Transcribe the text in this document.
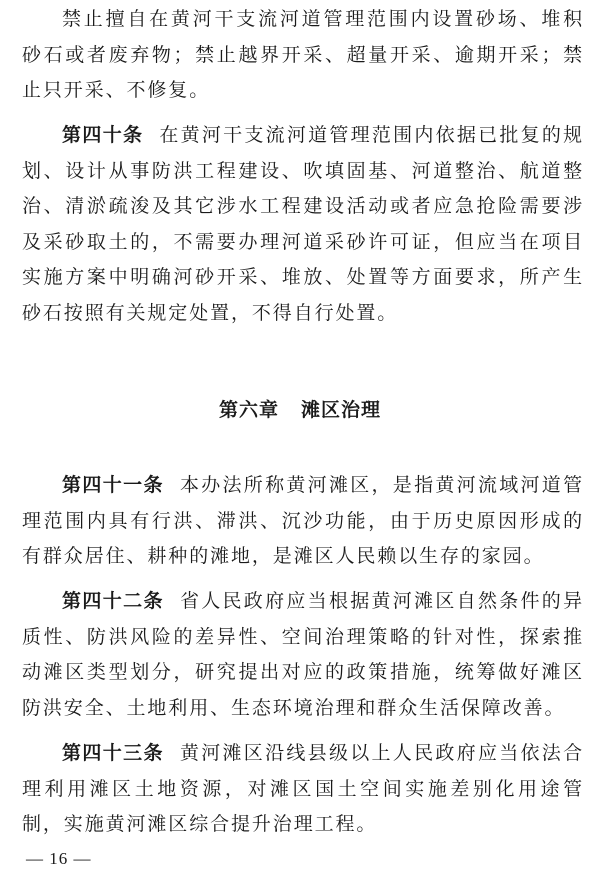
禁止擅自在黄河干支流河道管理范围内设置砂场、堆积砂石或者废弃物；禁止越界开采、超量开采、逾期开采；禁止只开采、不修复。

第四十条 在黄河干支流河道管理范围内依据已批复的规划、设计从事防洪工程建设、吹填固基、河道整治、航道整治、清淤疏浚及其它涉水工程建设活动或者应急抢险需要涉及采砂取土的，不需要办理河道采砂许可证，但应当在项目实施方案中明确河砂开采、堆放、处置等方面要求，所产生砂石按照有关规定处置，不得自行处置。

第六章 滩区治理

第四十一条 本办法所称黄河滩区，是指黄河流域河道管理范围内具有行洪、滞洪、沉沙功能，由于历史原因形成的有群众居住、耕种的滩地，是滩区人民赖以生存的家园。

第四十二条 省人民政府应当根据黄河滩区自然条件的异质性、防洪风险的差异性、空间治理策略的针对性，探索推动滩区类型划分，研究提出对应的政策措施，统筹做好滩区防洪安全、土地利用、生态环境治理和群众生活保障改善。

第四十三条 黄河滩区沿线县级以上人民政府应当依法合理利用滩区土地资源，对滩区国土空间实施差别化用途管制，实施黄河滩区综合提升治理工程。

— 16 —
